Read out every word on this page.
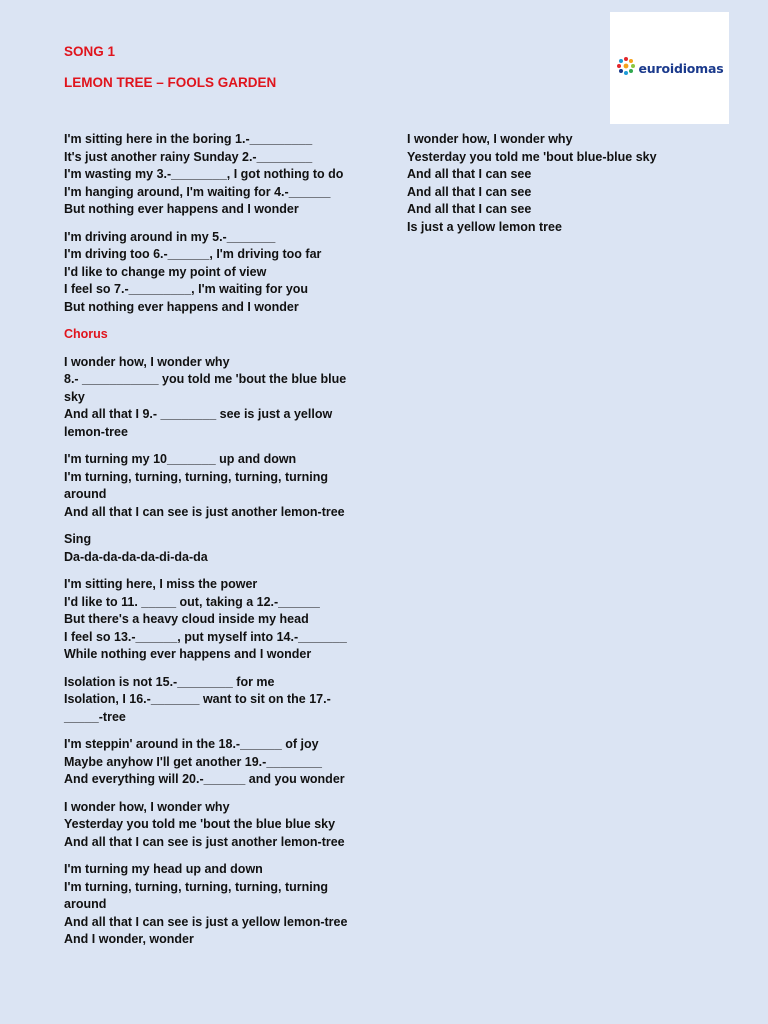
SONG 1
LEMON TREE – FOOLS GARDEN
euroidiomas
I'm sitting here in the boring 1.-_________
It's just another rainy Sunday 2.-________
I'm wasting my 3.-________, I got nothing to do
I'm hanging around, I'm waiting for 4.-______
But nothing ever happens and I wonder
I'm driving around in my 5.-_______
I'm driving too 6.-______, I'm driving too far
I'd like to change my point of view
I feel so 7.-_________, I'm waiting for you
But nothing ever happens and I wonder
Chorus
I wonder how, I wonder why
8.- ___________ you told me 'bout the blue blue sky
And all that I 9.- ________ see is just a yellow lemon-tree
I'm turning my 10_______ up and down
I'm turning, turning, turning, turning, turning around
And all that I can see is just another lemon-tree
Sing
Da-da-da-da-da-di-da-da
I'm sitting here, I miss the power
I'd like to 11. _____ out, taking a 12.-______
But there's a heavy cloud inside my head
I feel so 13.-______, put myself into 14.-_______
While nothing ever happens and I wonder
Isolation is not 15.-________ for me
Isolation, I 16.-_______ want to sit on the 17.-_____-tree
I'm steppin' around in the 18.-______ of joy
Maybe anyhow I'll get another 19.-________
And everything will 20.-______ and you wonder
I wonder how, I wonder why
Yesterday you told me 'bout the blue blue sky
And all that I can see is just another lemon-tree
I'm turning my head up and down
I'm turning, turning, turning, turning, turning around
And all that I can see is just a yellow lemon-tree
And I wonder, wonder
I wonder how, I wonder why
Yesterday you told me 'bout blue-blue sky
And all that I can see
And all that I can see
And all that I can see
Is just a yellow lemon tree
